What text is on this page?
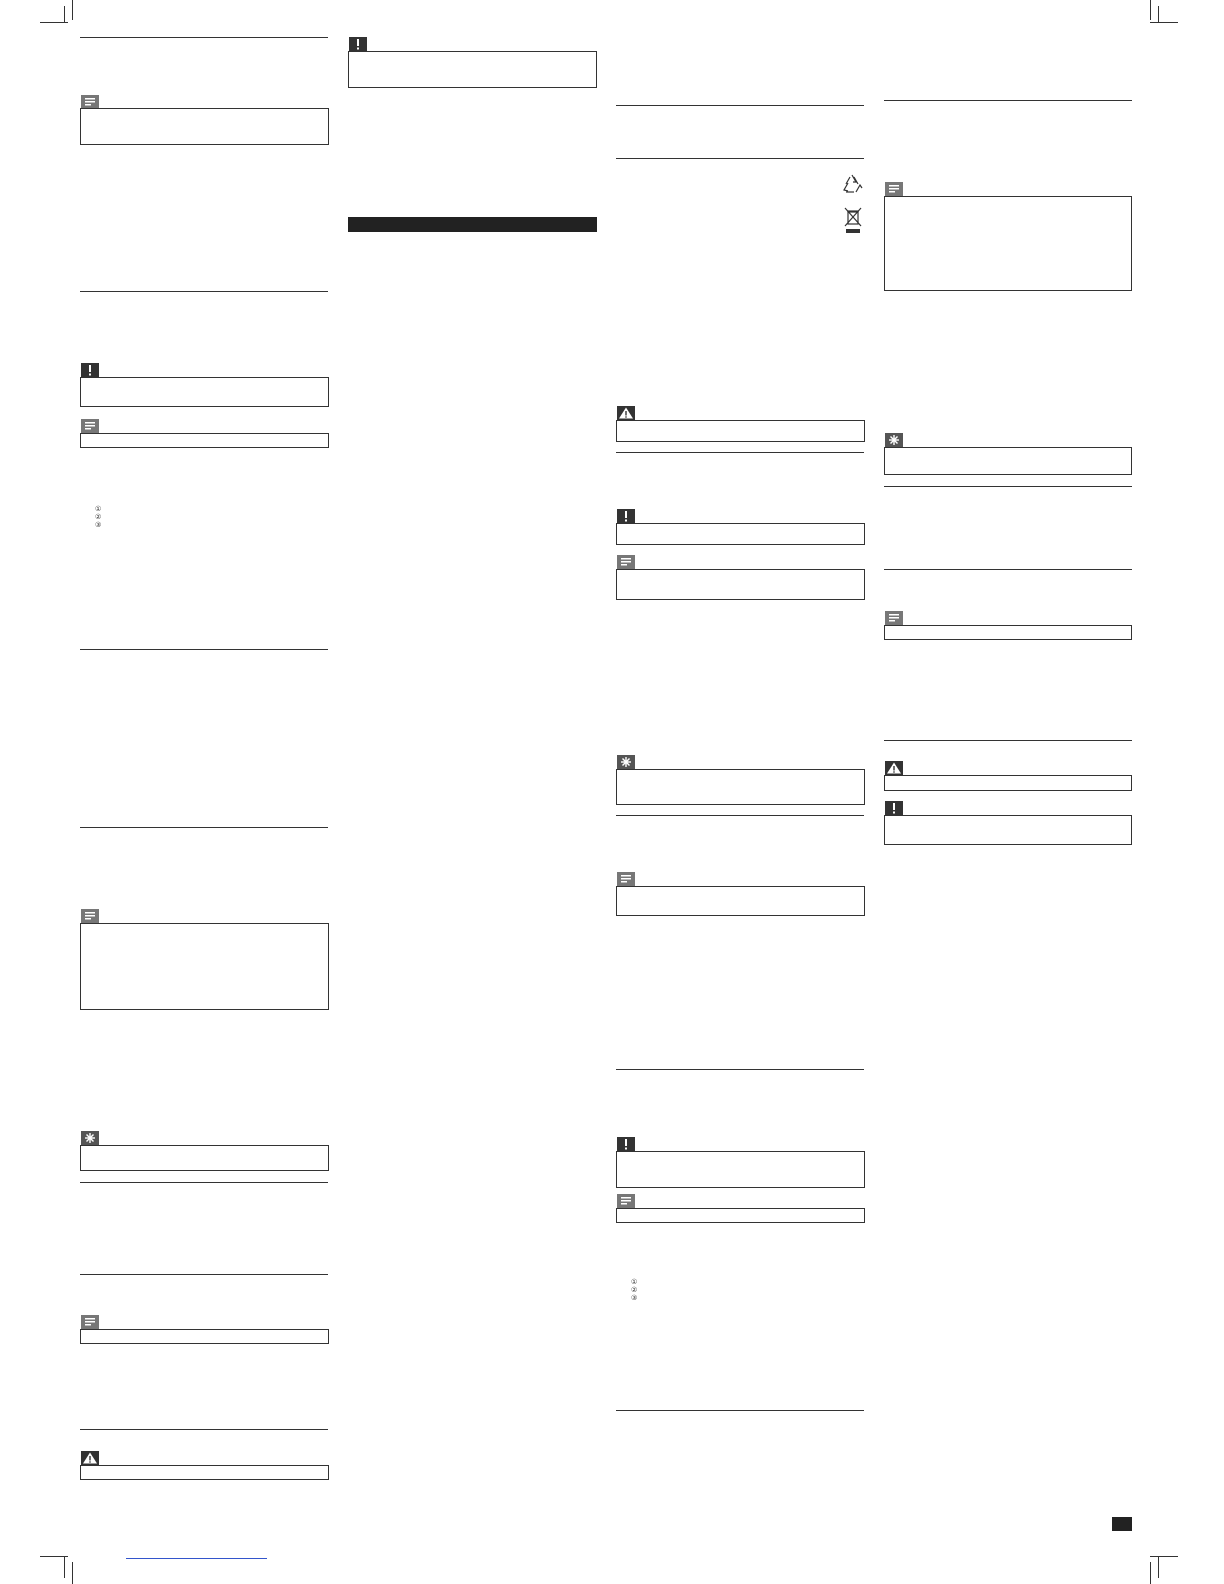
①
②
③
①
②
③
